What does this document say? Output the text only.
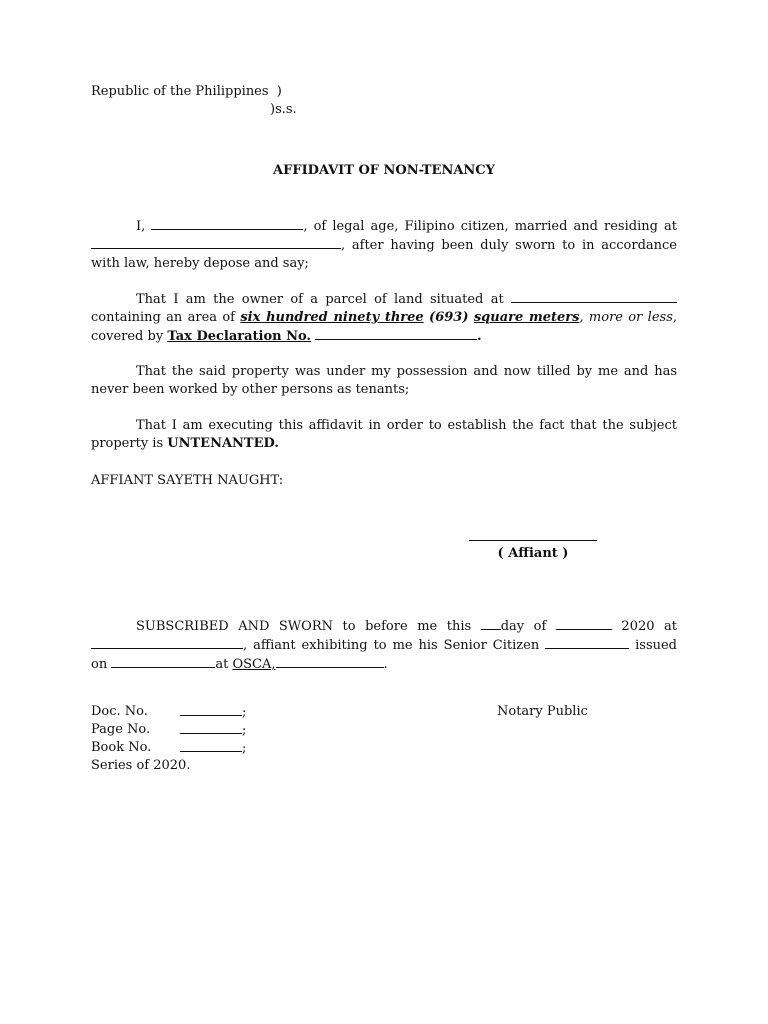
Republic of the Philippines )
)s.s.
AFFIDAVIT OF NON-TENANCY
I,	, of legal age, Filipino citizen, married and residing at , after having been duly sworn to in accordance with law, hereby depose and say;
That I am the owner of a parcel of land situated at  containing an area of six hundred ninety three (693) square meters, more or less, covered by Tax Declaration No.	.
That the said property was under my possession and now tilled by me and has never been worked by other persons as tenants;
That I am executing this affidavit in order to establish the fact that the subject property is UNTENANTED.
AFFIANT SAYETH NAUGHT:
( Affiant )
SUBSCRIBED AND SWORN to before me this day of	2020 at , affiant exhibiting to me his Senior Citizen	issued on	at OSCA,	.
Doc. No.	;
Page No.	;
Book No.	;
Series of 2020.
Notary Public
